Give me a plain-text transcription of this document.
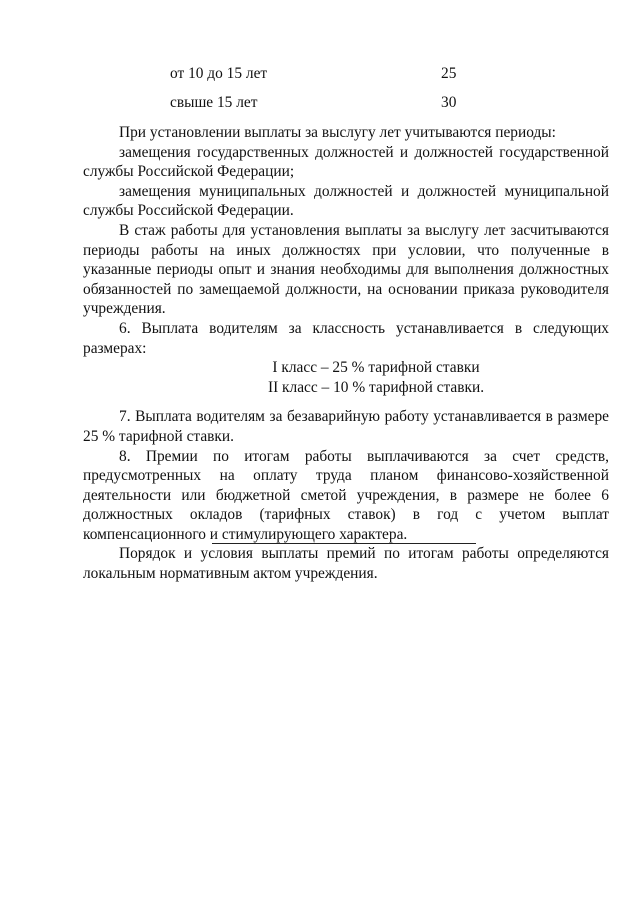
от 10 до 15 лет	25
свыше 15 лет	30

При установлении выплаты за выслугу лет учитываются периоды:

замещения государственных должностей и должностей государственной службы Российской Федерации;

замещения муниципальных должностей и должностей муниципальной службы Российской Федерации.

В стаж работы для установления выплаты за выслугу лет засчитываются периоды работы на иных должностях при условии, что полученные в указанные периоды опыт и знания необходимы для выполнения должностных обязанностей по замещаемой должности, на основании приказа руководителя учреждения.

6. Выплата водителям за классность устанавливается в следующих размерах:

I класс – 25 % тарифной ставки

II класс – 10 % тарифной ставки.

7. Выплата водителям за безаварийную работу устанавливается в размере 25 % тарифной ставки.

8. Премии по итогам работы выплачиваются за счет средств, предусмотренных на оплату труда планом финансово-хозяйственной деятельности или бюджетной сметой учреждения, в размере не более 6 должностных окладов (тарифных ставок) в год с учетом выплат компенсационного и стимулирующего характера.

Порядок и условия выплаты премий по итогам работы определяются локальным нормативным актом учреждения.
